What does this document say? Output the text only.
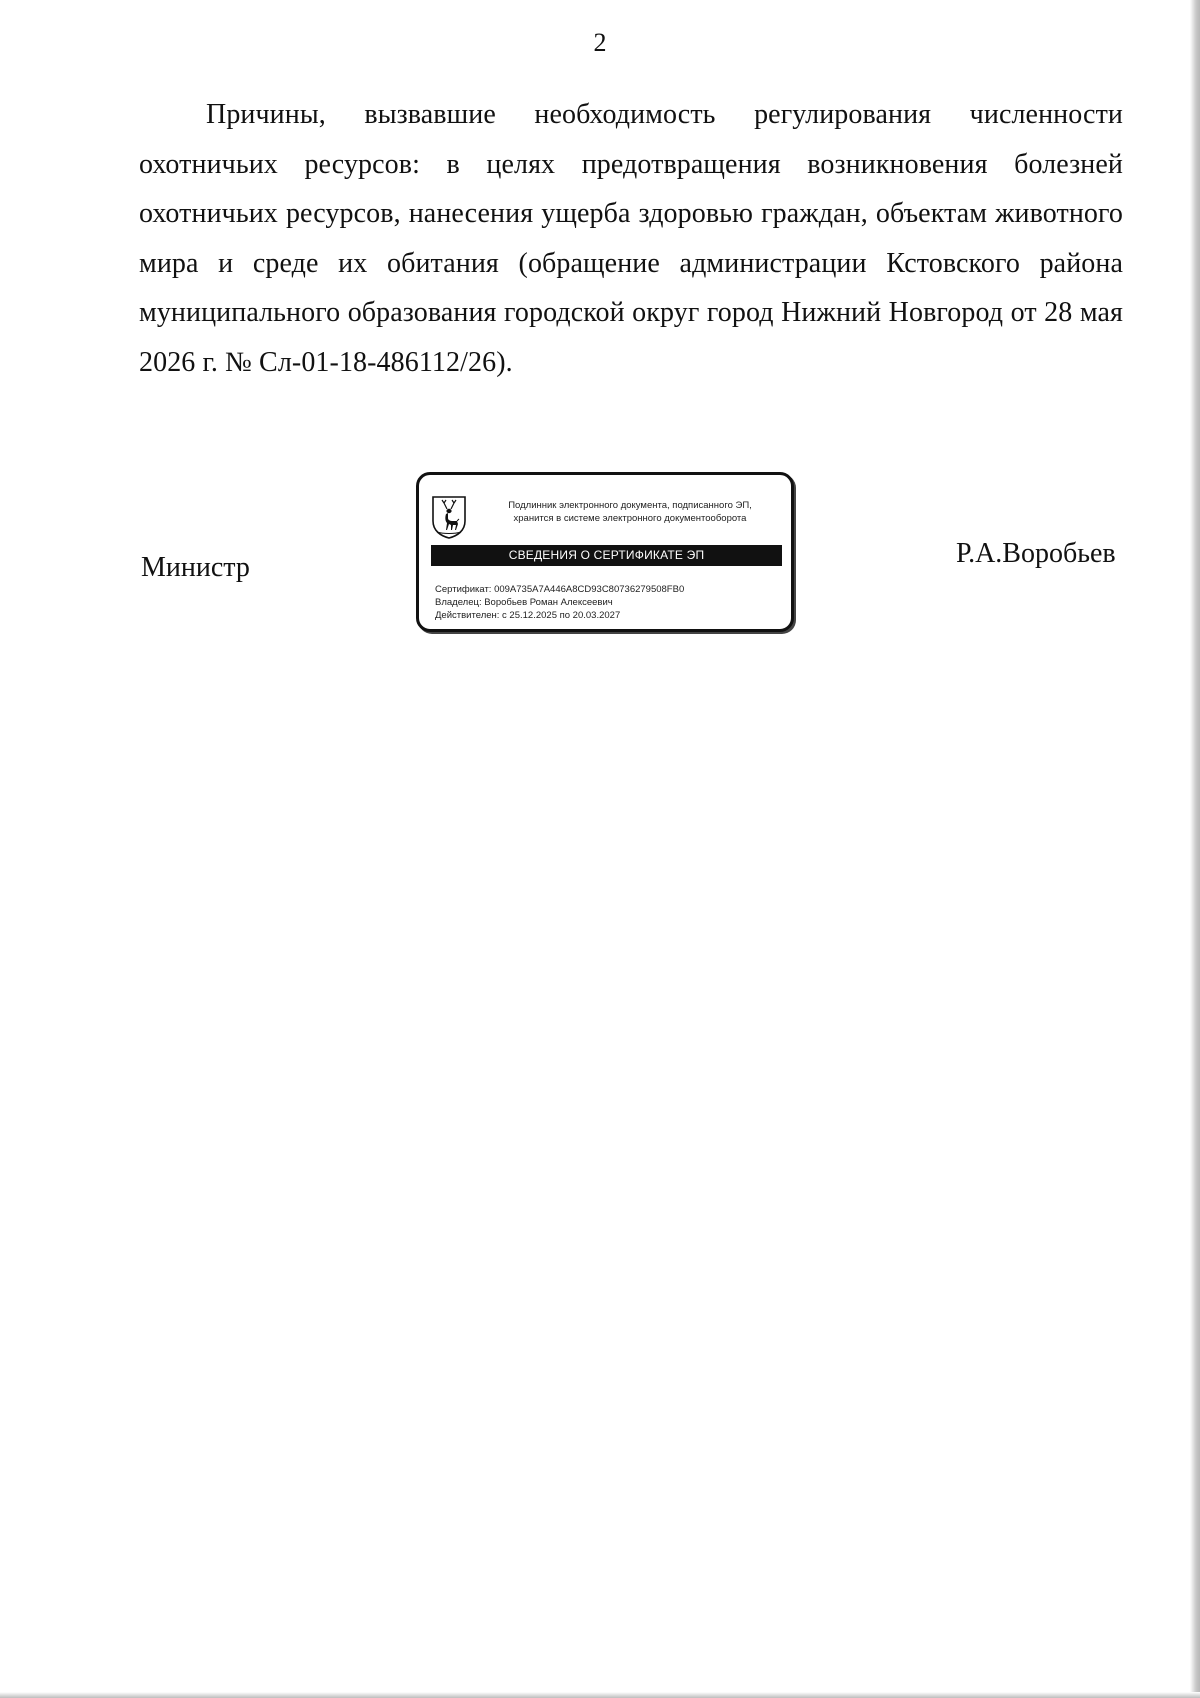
2
Причины, вызвавшие необходимость регулирования численности охотничьих ресурсов: в целях предотвращения возникновения болезней охотничьих ресурсов, нанесения ущерба здоровью граждан, объектам животного мира и среде их обитания (обращение администрации Кстовского района муниципального образования городской округ город Нижний Новгород от 28 мая 2026 г. № Сл-01-18-486112/26).
Министр
Подлинник электронного документа, подписанного ЭП,
хранится в системе электронного документооборота
СВЕДЕНИЯ О СЕРТИФИКАТЕ ЭП
Сертификат: 009A735A7A446A8CD93C80736279508FB0
Владелец: Воробьев Роман Алексеевич
Действителен: с 25.12.2025 по 20.03.2027
Р.А.Воробьев
